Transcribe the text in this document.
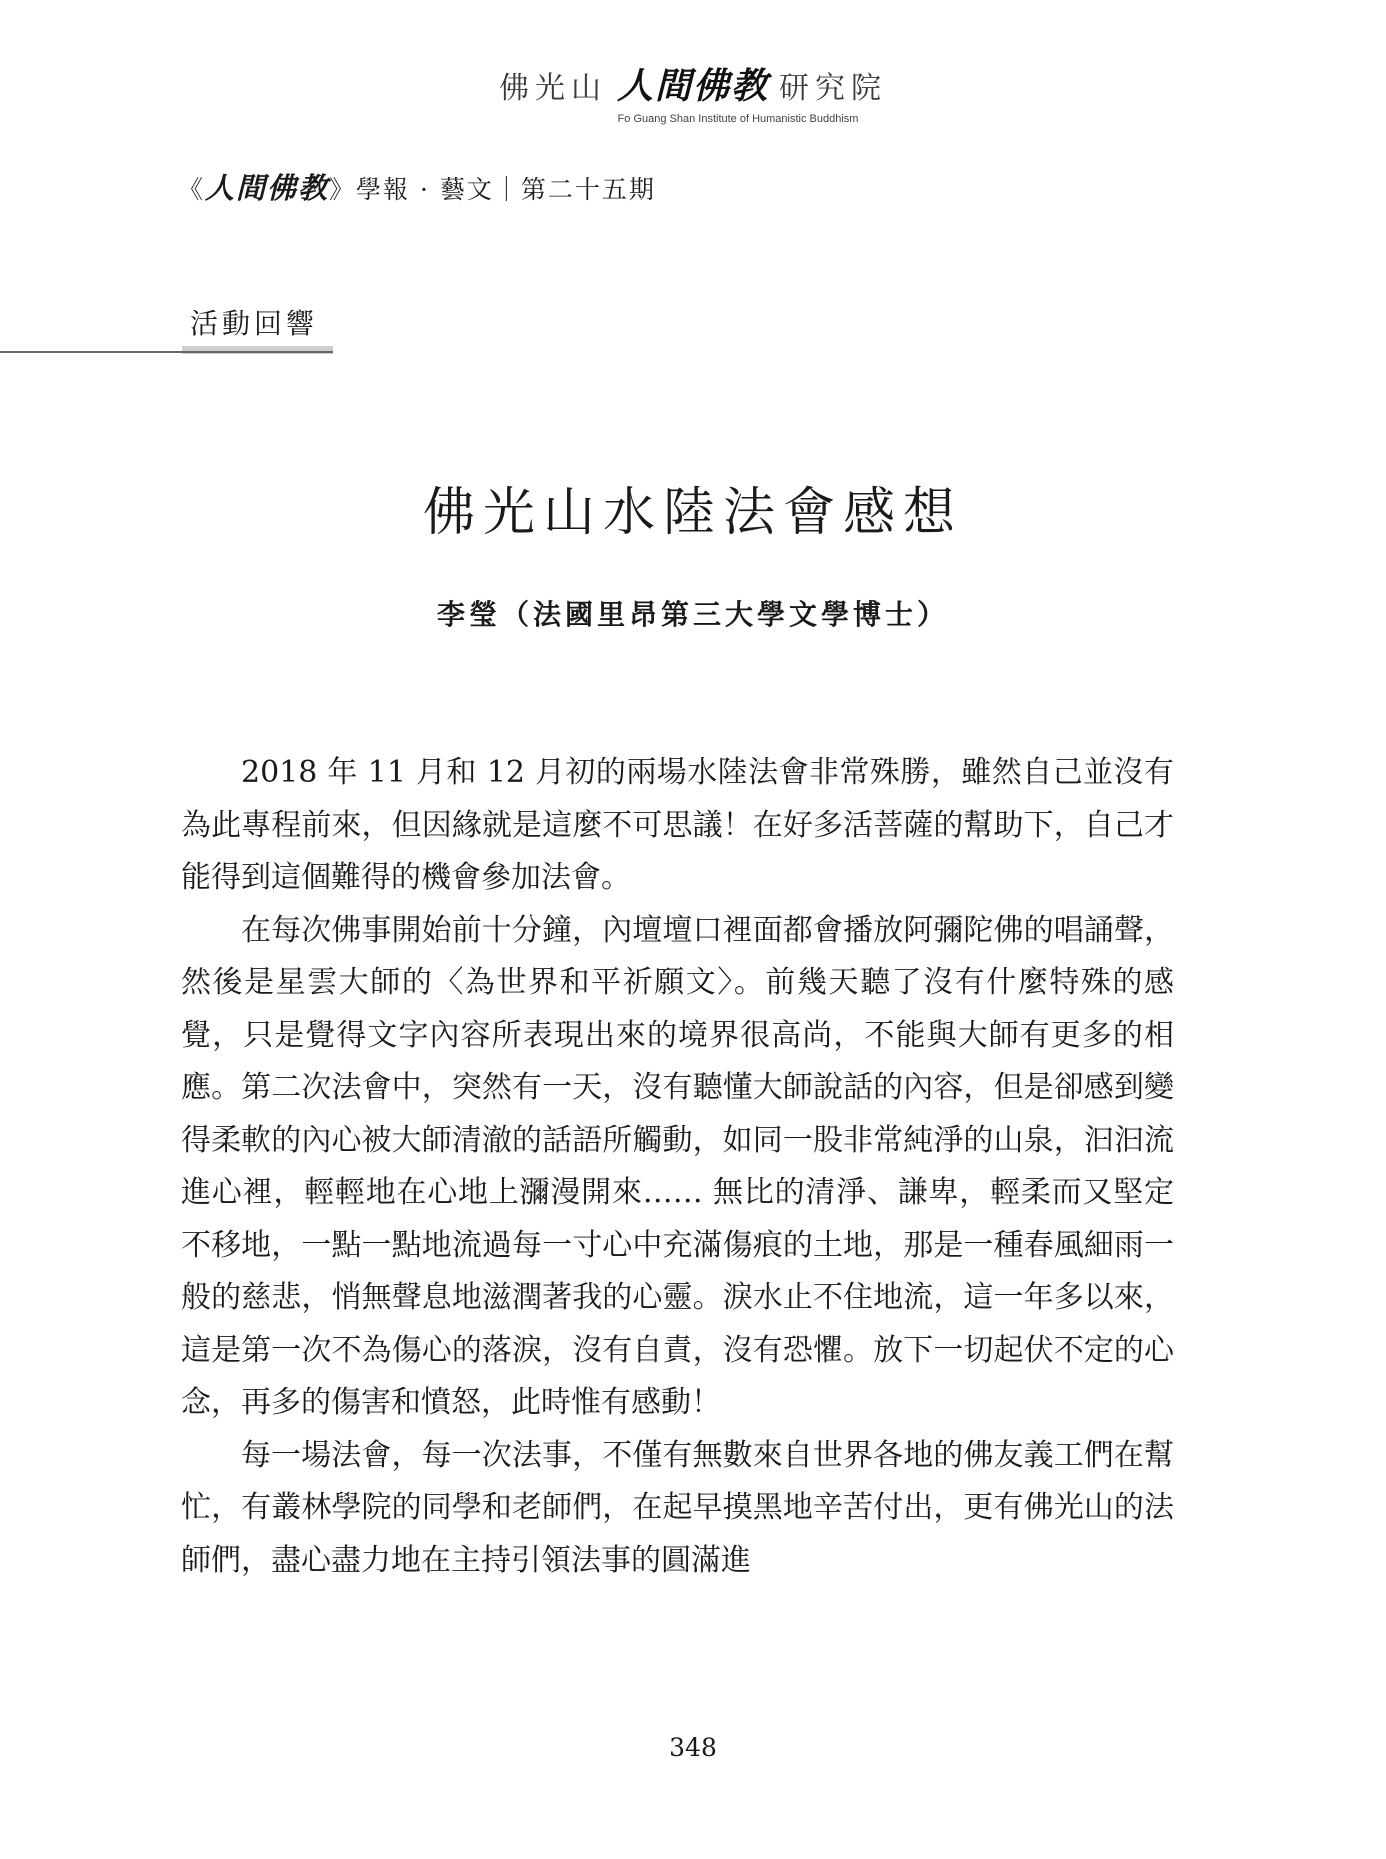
佛光山 人間佛教 研究院
Fo Guang Shan Institute of Humanistic Buddhism
《人間佛教》學報 · 藝文｜第二十五期
活動回響
佛光山水陸法會感想
李瑩（法國里昂第三大學文學博士）

2018 年 11 月和 12 月初的兩場水陸法會非常殊勝，雖然自己並沒有為此專程前來，但因緣就是這麼不可思議！在好多活菩薩的幫助下，自己才能得到這個難得的機會參加法會。

在每次佛事開始前十分鐘，內壇壇口裡面都會播放阿彌陀佛的唱誦聲，然後是星雲大師的〈為世界和平祈願文〉。前幾天聽了沒有什麼特殊的感覺，只是覺得文字內容所表現出來的境界很高尚，不能與大師有更多的相應。第二次法會中，突然有一天，沒有聽懂大師說話的內容，但是卻感到變得柔軟的內心被大師清澈的話語所觸動，如同一股非常純淨的山泉，汩汩流進心裡，輕輕地在心地上瀰漫開來…… 無比的清淨、謙卑，輕柔而又堅定不移地，一點一點地流過每一寸心中充滿傷痕的土地，那是一種春風細雨一般的慈悲，悄無聲息地滋潤著我的心靈。淚水止不住地流，這一年多以來，這是第一次不為傷心的落淚，沒有自責，沒有恐懼。放下一切起伏不定的心念，再多的傷害和憤怒，此時惟有感動！

每一場法會，每一次法事，不僅有無數來自世界各地的佛友義工們在幫忙，有叢林學院的同學和老師們，在起早摸黑地辛苦付出，更有佛光山的法師們，盡心盡力地在主持引領法事的圓滿進

348
